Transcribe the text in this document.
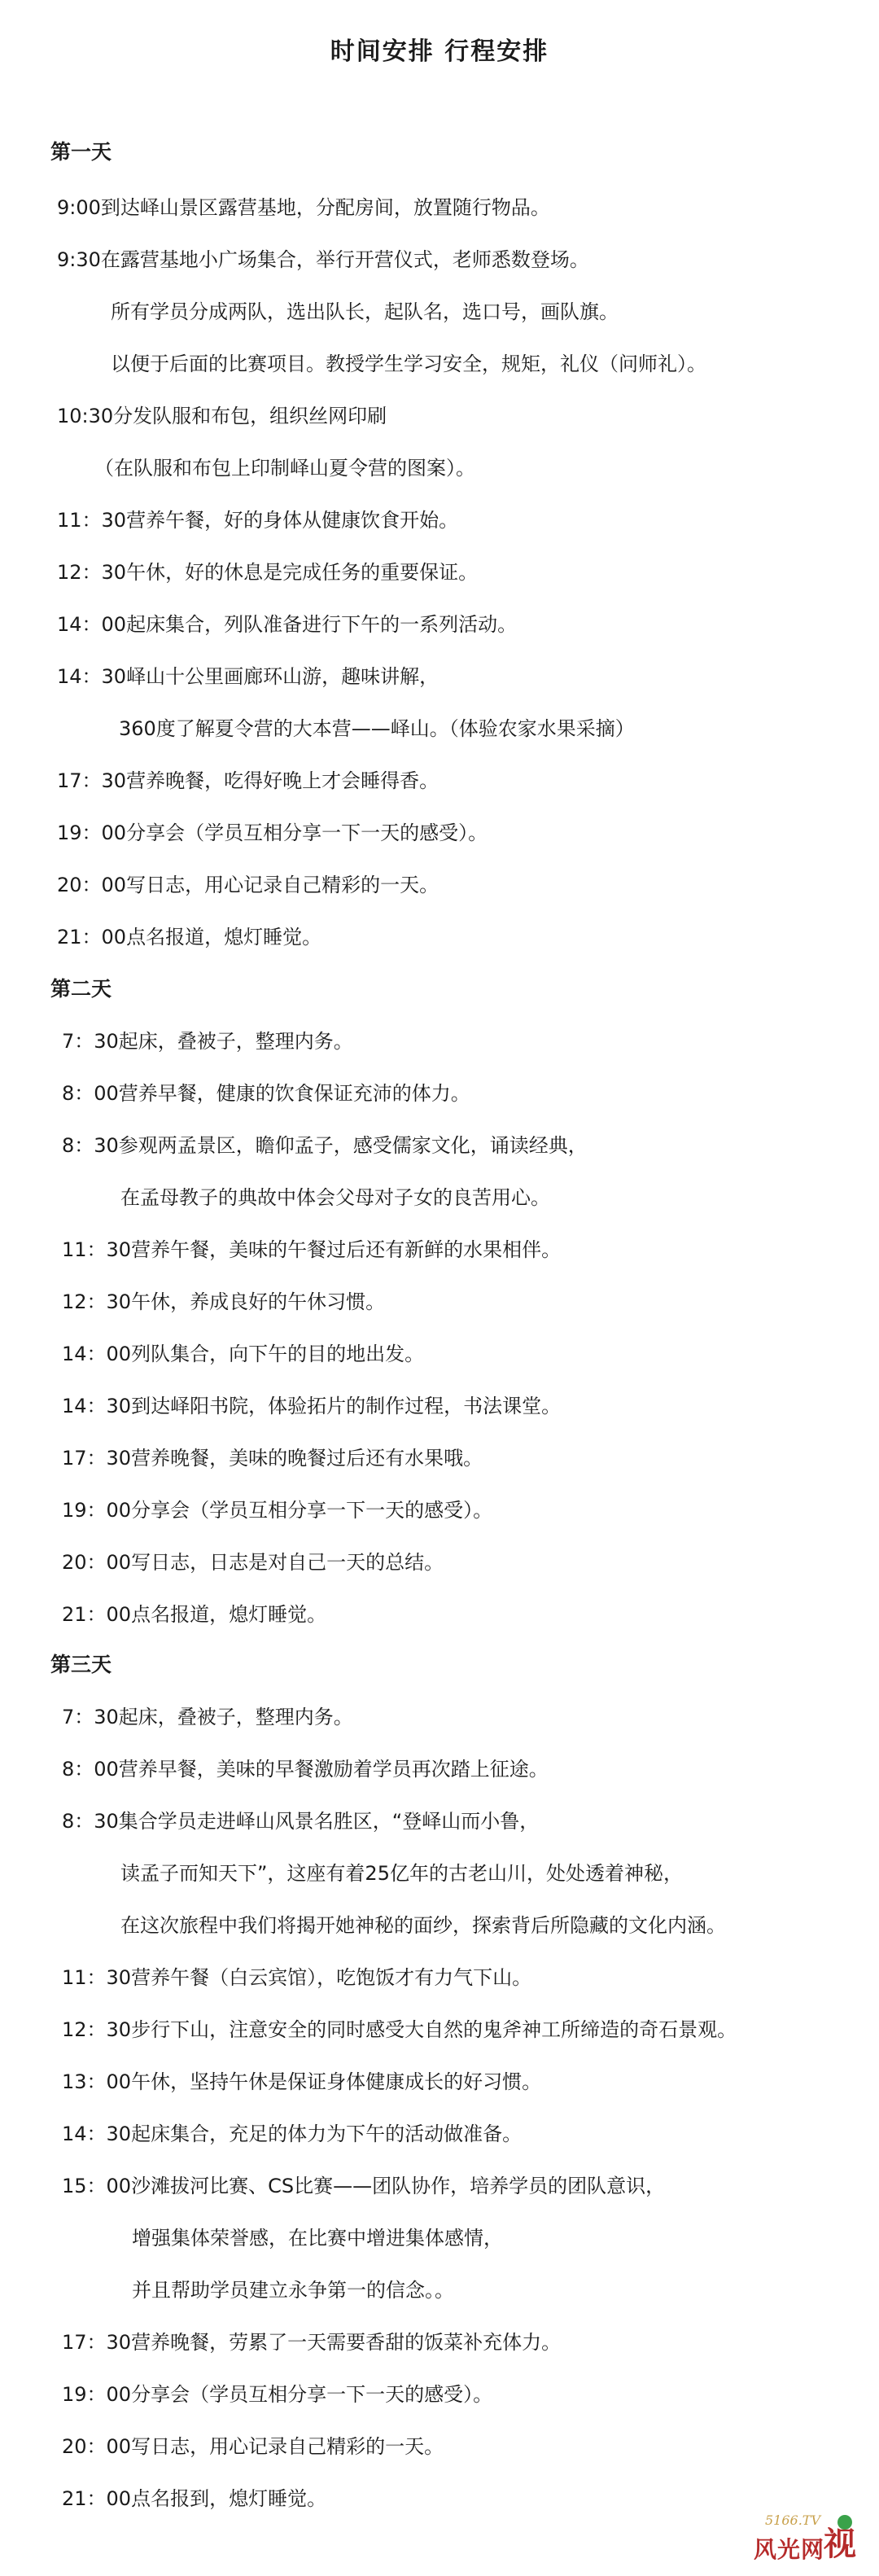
时间安排 行程安排
第一天
9:00到达峄山景区露营基地，分配房间，放置随行物品。
9:30在露营基地小广场集合，举行开营仪式，老师悉数登场。
所有学员分成两队，选出队长，起队名，选口号，画队旗。
以便于后面的比赛项目。教授学生学习安全，规矩，礼仪（问师礼）。
10:30分发队服和布包，组织丝网印刷
（在队服和布包上印制峄山夏令营的图案）。
11：30营养午餐，好的身体从健康饮食开始。
12：30午休，好的休息是完成任务的重要保证。
14：00起床集合，列队准备进行下午的一系列活动。
14：30峄山十公里画廊环山游，趣味讲解，
360度了解夏令营的大本营——峄山。（体验农家水果采摘）
17：30营养晚餐，吃得好晚上才会睡得香。
19：00分享会（学员互相分享一下一天的感受）。
20：00写日志，用心记录自己精彩的一天。
21：00点名报道，熄灯睡觉。
第二天
7：30起床，叠被子，整理内务。
8：00营养早餐，健康的饮食保证充沛的体力。
8：30参观两孟景区，瞻仰孟子，感受儒家文化，诵读经典，
在孟母教子的典故中体会父母对子女的良苦用心。
11：30营养午餐，美味的午餐过后还有新鲜的水果相伴。
12：30午休，养成良好的午休习惯。
14：00列队集合，向下午的目的地出发。
14：30到达峄阳书院，体验拓片的制作过程，书法课堂。
17：30营养晚餐，美味的晚餐过后还有水果哦。
19：00分享会（学员互相分享一下一天的感受）。
20：00写日志，日志是对自己一天的总结。
21：00点名报道，熄灯睡觉。
第三天
7：30起床，叠被子，整理内务。
8：00营养早餐，美味的早餐激励着学员再次踏上征途。
8：30集合学员走进峄山风景名胜区，“登峄山而小鲁，
读孟子而知天下”，这座有着25亿年的古老山川，处处透着神秘，
在这次旅程中我们将揭开她神秘的面纱，探索背后所隐藏的文化内涵。
11：30营养午餐（白云宾馆），吃饱饭才有力气下山。
12：30步行下山，注意安全的同时感受大自然的鬼斧神工所缔造的奇石景观。
13：00午休，坚持午休是保证身体健康成长的好习惯。
14：30起床集合，充足的体力为下午的活动做准备。
15：00沙滩拔河比赛、CS比赛——团队协作，培养学员的团队意识，
增强集体荣誉感，在比赛中增进集体感情，
并且帮助学员建立永争第一的信念。。
17：30营养晚餐，劳累了一天需要香甜的饭菜补充体力。
19：00分享会（学员互相分享一下一天的感受）。
20：00写日志，用心记录自己精彩的一天。
21：00点名报到，熄灯睡觉。
5166.TV
风光网
视
